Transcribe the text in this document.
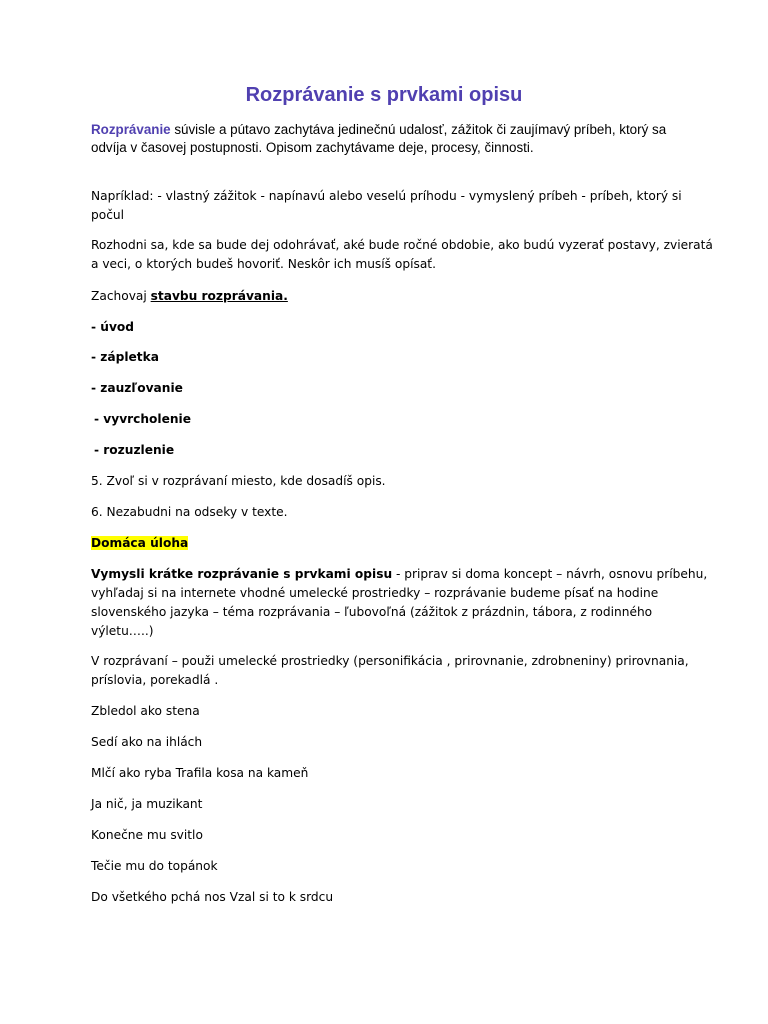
Rozprávanie s prvkami opisu

Rozprávanie súvisle a pútavo zachytáva jedinečnú udalosť, zážitok či zaujímavý príbeh, ktorý sa
odvíja v časovej postupnosti. Opisom zachytávame deje, procesy, činnosti.

Napríklad: - vlastný zážitok - napínavú alebo veselú príhodu - vymyslený príbeh - príbeh, ktorý si
počul

Rozhodni sa, kde sa bude dej odohrávať, aké bude ročné obdobie, ako budú vyzerať postavy, zvieratá
a veci, o ktorých budeš hovoriť. Neskôr ich musíš opísať.

Zachovaj stavbu rozprávania.

- úvod

- zápletka

- zauzľovanie

- vyvrcholenie

- rozuzlenie

5. Zvoľ si v rozprávaní miesto, kde dosadíš opis.

6. Nezabudni na odseky v texte.

Domáca úloha

Vymysli krátke rozprávanie s prvkami opisu - priprav si doma koncept – návrh, osnovu príbehu,
vyhľadaj si na internete vhodné umelecké prostriedky – rozprávanie budeme písať na hodine
slovenského jazyka – téma rozprávania – ľubovoľná (zážitok z prázdnin, tábora, z rodinného
výletu…..)

V rozprávaní – použi umelecké prostriedky (personifikácia , prirovnanie, zdrobneniny) prirovnania,
príslovia, porekadlá .

Zbledol ako stena

Sedí ako na ihlách

Mlčí ako ryba Trafila kosa na kameň

Ja nič, ja muzikant

Konečne mu svitlo

Tečie mu do topánok

Do všetkého pchá nos Vzal si to k srdcu
